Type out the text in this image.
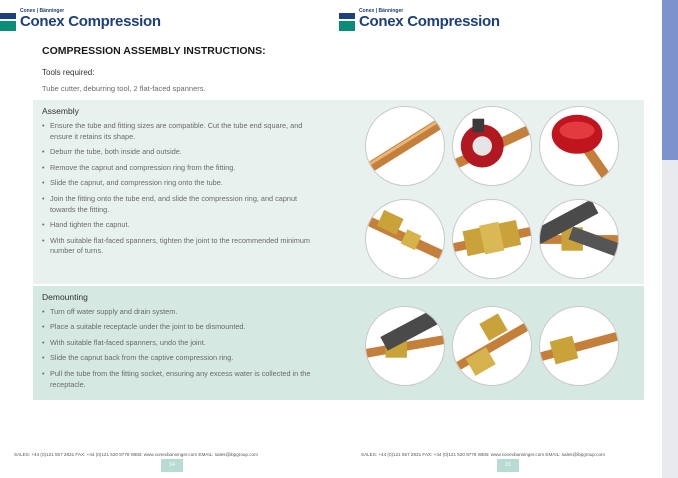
Conex | Bänninger
Conex Compression
Conex | Bänninger
Conex Compression
COMPRESSION ASSEMBLY INSTRUCTIONS:
Tools required:
Tube cutter, deburring tool, 2 flat-faced spanners.
Assembly
• Ensure the tube and fitting sizes are compatible. Cut the tube end square, and ensure it retains its shape.
• Deburr the tube, both inside and outside.
• Remove the capnut and compression ring from the fitting.
• Slide the capnut, and compression ring onto the tube.
• Join the fitting onto the tube end, and slide the compression ring, and capnut towards the fitting.
• Hand tighten the capnut.
• With suitable flat-faced spanners, tighten the joint to the recommended minimum number of turns.
Demounting
• Turn off water supply and drain system.
• Place a suitable receptacle under the joint to be dismounted.
• With suitable flat-faced spanners, undo the joint.
• Slide the capnut back from the captive compression ring.
• Pull the tube from the fitting socket, ensuring any excess water is collected in the receptacle.
SALES: +44 (0)121 557 2831 FAX: +44 (0)121 520 8778 WEB: www.conexbanninger.com EMAIL: sales@ibpgroup.com
14
SALES: +44 (0)121 557 2831 FAX: +44 (0)121 520 8778 WEB: www.conexbanninger.com EMAIL: sales@ibpgroup.com
15
